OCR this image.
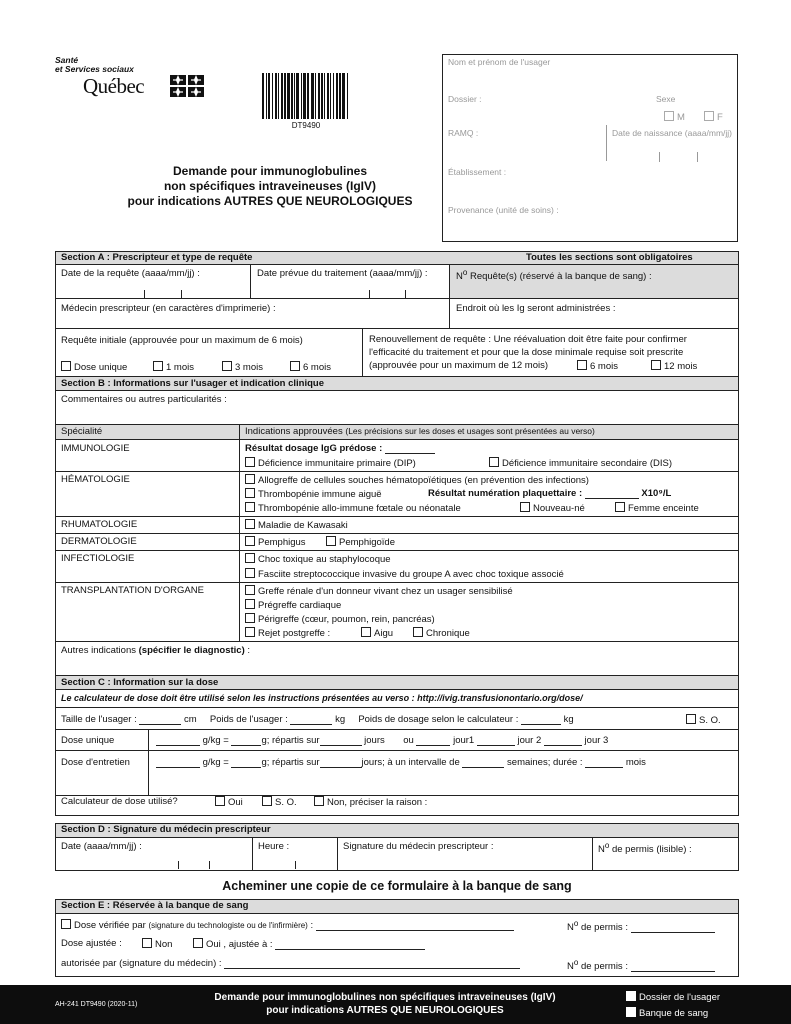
Santé
et Services sociaux
Québec
DT9490
Demande pour immunoglobulines
non spécifiques intraveineuses (IgIV)
pour indications AUTRES QUE NEUROLOGIQUES
Nom et prénom de l'usager
Dossier :	Sexe
M	F
RAMQ :	Date de naissance (aaaa/mm/jj)
Établissement :
Provenance (unité de soins) :
Section A : Prescripteur et type de requête	Toutes les sections sont obligatoires
Date de la requête (aaaa/mm/jj) :	Date prévue du traitement (aaaa/mm/jj) :	$N^o$ Requête(s) (réservé à la banque de sang) :
Médecin prescripteur (en caractères d'imprimerie) :	Endroit où les Ig seront administrées :
Requête initiale (approuvée pour un maximum de 6 mois)
Dose unique	1 mois	3 mois	6 mois
Renouvellement de requête : Une réévaluation doit être faite pour confirmer
l'efficacité du traitement et pour que la dose minimale requise soit prescrite
(approuvée pour un maximum de 12 mois)	6 mois	12 mois
Section B : Informations sur l'usager et indication clinique
Commentaires ou autres particularités :
Spécialité	Indications approuvées (Les précisions sur les doses et usages sont présentées au verso)
IMMUNOLOGIE	Résultat dosage IgG prédose :
Déficience immunitaire primaire (DIP)	Déficience immunitaire secondaire (DIS)
HÉMATOLOGIE	Allogreffe de cellules souches hématopoïétiques (en prévention des infections)
Thrombopénie immune aiguë	Résultat numération plaquettaire :	X10⁹/L
Thrombopénie allo-immune fœtale ou néonatale	Nouveau-né	Femme enceinte
RHUMATOLOGIE	Maladie de Kawasaki
DERMATOLOGIE	Pemphigus	Pemphigoïde
INFECTIOLOGIE	Choc toxique au staphylocoque
Fasciite streptococcique invasive du groupe A avec choc toxique associé
TRANSPLANTATION D'ORGANE	Greffe rénale d'un donneur vivant chez un usager sensibilisé
Prégreffe cardiaque
Périgreffe (cœur, poumon, rein, pancréas)
Rejet postgreffe :	Aigu	Chronique
Autres indications (spécifier le diagnostic) :
Section C : Information sur la dose
Le calculateur de dose doit être utilisé selon les instructions présentées au verso : http://ivig.transfusionontario.org/dose/
Taille de l'usager :	cm Poids de l'usager :	kg Poids de dosage selon le calculateur :	kg	S. O.
Dose unique	g/kg =	g; répartis sur	jours ou	jour1	jour 2	jour 3
Dose d'entretien	g/kg =	g; répartis sur	jours; à un intervalle de	semaines; durée :	mois
Calculateur de dose utilisé?	Oui	S. O.	Non, préciser la raison :
Section D : Signature du médecin prescripteur
Date (aaaa/mm/jj) :	Heure :	Signature du médecin prescripteur :	$N^o$ de permis (lisible) :
Acheminer une copie de ce formulaire à la banque de sang
Section E : Réservée à la banque de sang
Dose vérifiée par (signature du technologiste ou de l'infirmière) :	$N^o$ de permis :
Dose ajustée :	Non	Oui , ajustée à :
autorisée par (signature du médecin) :	$N^o$ de permis :
AH-241 DT9490 (2020-11)
Demande pour immunoglobulines non spécifiques intraveineuses (IgIV)
pour indications AUTRES QUE NEUROLOGIQUES
Dossier de l'usager
Banque de sang
